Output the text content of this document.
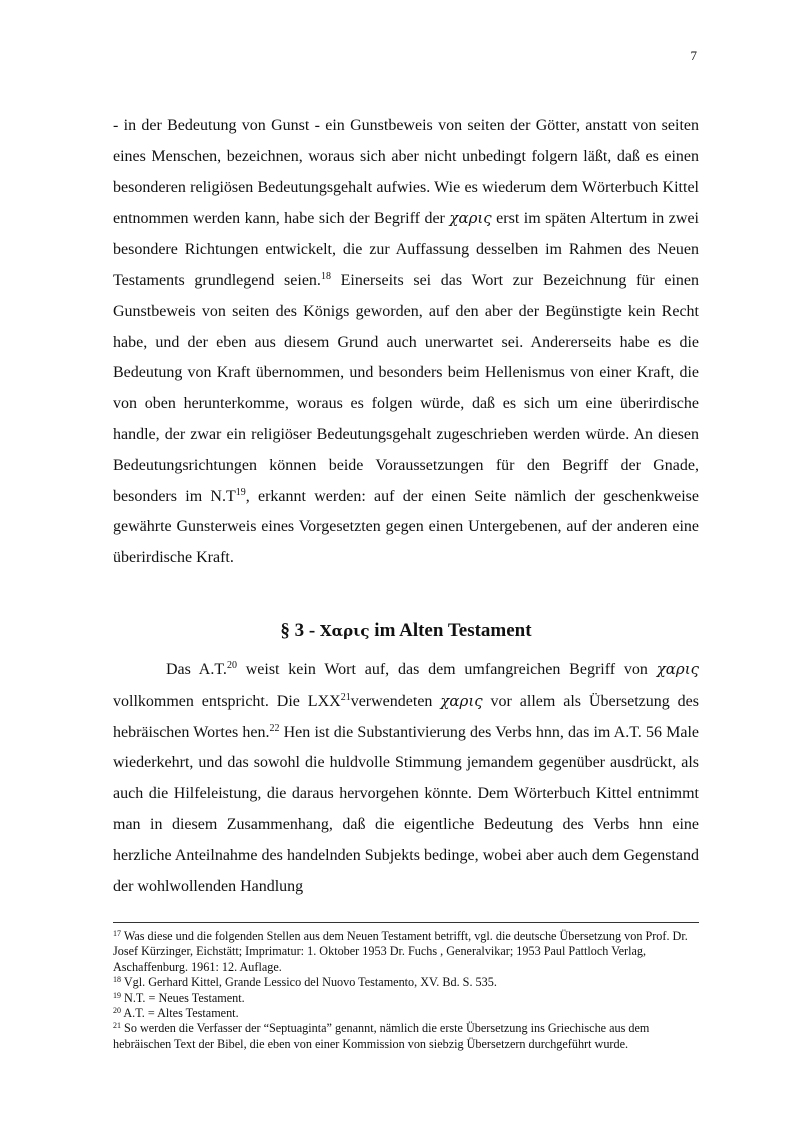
7
- in der Bedeutung von Gunst - ein Gunstbeweis von seiten der Götter, anstatt von seiten eines Menschen, bezeichnen, woraus sich aber nicht unbedingt folgern läßt, daß es einen besonderen religiösen Bedeutungsgehalt aufwies. Wie es wiederum dem Wörterbuch Kittel entnommen werden kann, habe sich der Begriff der χαρις erst im späten Altertum in zwei besondere Richtungen entwickelt, die zur Auffassung desselben im Rahmen des Neuen Testaments grundlegend seien.$^{18}$ Einerseits sei das Wort zur Bezeichnung für einen Gunstbeweis von seiten des Königs geworden, auf den aber der Begünstigte kein Recht habe, und der eben aus diesem Grund auch unerwartet sei. Andererseits habe es die Bedeutung von Kraft übernommen, und besonders beim Hellenismus von einer Kraft, die von oben herunterkomme, woraus es folgen würde, daß es sich um eine überirdische handle, der zwar ein religiöser Bedeutungsgehalt zugeschrieben werden würde. An diesen Bedeutungsrichtungen können beide Voraussetzungen für den Begriff der Gnade, besonders im $N.T^{19}$, erkannt werden: auf der einen Seite nämlich der geschenkweise gewährte Gunsterweis eines Vorgesetzten gegen einen Untergebenen, auf der anderen eine überirdische Kraft.
§ 3 - Χαρις im Alten Testament
Das A.T.$^{20}$ weist kein Wort auf, das dem umfangreichen Begriff von χαρις vollkommen entspricht. Die LXX$^{21}$verwendeten χαρις vor allem als Übersetzung des hebräischen Wortes hen.$^{22}$ Hen ist die Substantivierung des Verbs hnn, das im A.T. 56 Male wiederkehrt, und das sowohl die huldvolle Stimmung jemandem gegenüber ausdrückt, als auch die Hilfeleistung, die daraus hervorgehen könnte. Dem Wörterbuch Kittel entnimmt man in diesem Zusammenhang, daß die eigentliche Bedeutung des Verbs hnn eine herzliche Anteilnahme des handelnden Subjekts bedinge, wobei aber auch dem Gegenstand der wohlwollenden Handlung

$^{17}$ Was diese und die folgenden Stellen aus dem Neuen Testament betrifft, vgl. die deutsche Übersetzung von Prof. Dr. Josef Kürzinger, Eichstätt; Imprimatur: 1. Oktober 1953 Dr. Fuchs , Generalvikar; 1953 Paul Pattloch Verlag, Aschaffenburg. 1961: 12. Auflage.

$^{18}$ Vgl. Gerhard Kittel, Grande Lessico del Nuovo Testamento, XV. Bd. S. 535.

$^{19}$ N.T. = Neues Testament.

$^{20}$ A.T. = Altes Testament.

$^{21}$ So werden die Verfasser der “Septuaginta” genannt, nämlich die erste Übersetzung ins Griechische aus dem hebräischen Text der Bibel, die eben von einer Kommission von siebzig Übersetzern durchgeführt wurde.
